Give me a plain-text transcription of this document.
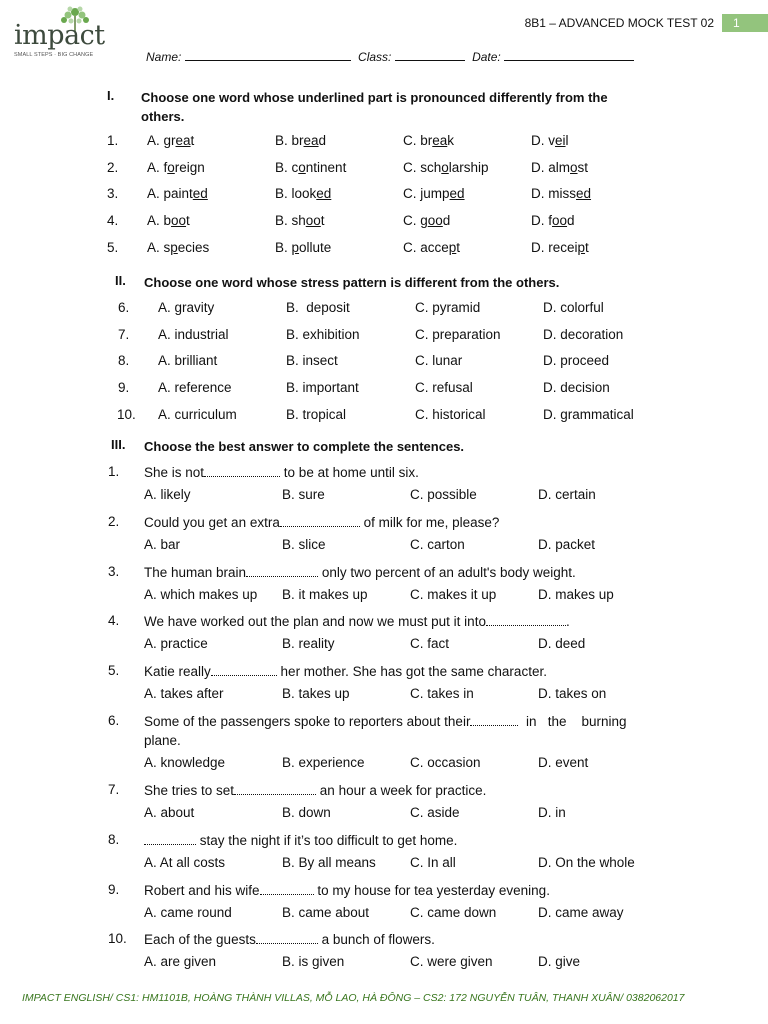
impact
SMALL STEPS · BIG CHANGE
8B1 – ADVANCED MOCK TEST 02	1
Name:	Class:	Date:
I. Choose one word whose underlined part is pronounced differently from the
others.
1. A. great	B. bread	C. break	D. veil
2. A. foreign	B. continent	C. scholarship	D. almost
3. A. painted	B. looked	C. jumped	D. missed
4. A. boot	B. shoot	C. good	D. food
5. A. species	B. pollute	C. accept	D. receipt
II. Choose one word whose stress pattern is different from the others.
6. A. gravity	B.  deposit	C. pyramid	D. colorful
7. A. industrial	B. exhibition	C. preparation	D. decoration
8. A. brilliant	B. insect	C. lunar	D. proceed
9. A. reference	B. important	C. refusal	D. decision
10. A. curriculum	B. tropical	C. historical	D. grammatical
III. Choose the best answer to complete the sentences.
1. She is not	to be at home until six.
A. likely	B. sure	C. possible	D. certain
2. Could you get an extra	of milk for me, please?
A. bar	B. slice	C. carton	D. packet
3. The human brain	only two percent of an adult's body weight.
A. which makes up B. it makes up	C. makes it up	D. makes up
4. We have worked out the plan and now we must put it into	.
A. practice	B. reality	C. fact	D. deed
5. Katie really	her mother. She has got the same character.
A. takes after	B. takes up	C. takes in	D. takes on
6. Some of the passengers spoke to reporters about their	in   the    burning
plane.
A. knowledge	B. experience	C. occasion	D. event
7. She tries to set	an hour a week for practice.
A. about	B. down	C. aside	D. in
8.	stay the night if it’s too difficult to get home.
A. At all costs	B. By all means	C. In all	D. On the whole
9. Robert and his wife	to my house for tea yesterday evening.
A. came round	B. came about	C. came down	D. came away
10. Each of the guests	a bunch of flowers.
A. are given	B. is given	C. were given	D. give
IMPACT ENGLISH/ CS1: HM1101B, HOÀNG THÀNH VILLAS, MỖ LAO, HÀ ĐÔNG – CS2: 172 NGUYỄN TUÂN, THANH XUÂN/ 0382062017
